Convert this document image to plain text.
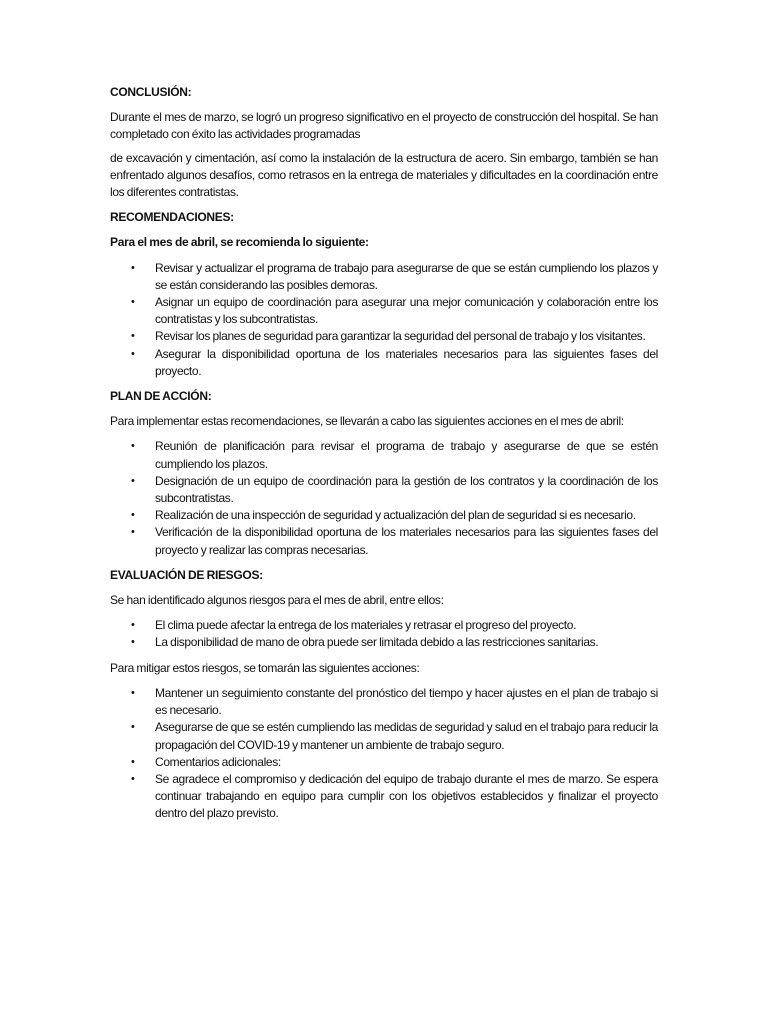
CONCLUSIÓN:
Durante el mes de marzo, se logró un progreso significativo en el proyecto de construcción del hospital. Se han completado con éxito las actividades programadas
de excavación y cimentación, así como la instalación de la estructura de acero. Sin embargo, también se han enfrentado algunos desafíos, como retrasos en la entrega de materiales y dificultades en la coordinación entre los diferentes contratistas.
RECOMENDACIONES:
Para el mes de abril, se recomienda lo siguiente:
• Revisar y actualizar el programa de trabajo para asegurarse de que se están cumpliendo los plazos y se están considerando las posibles demoras.
• Asignar un equipo de coordinación para asegurar una mejor comunicación y colaboración entre los contratistas y los subcontratistas.
• Revisar los planes de seguridad para garantizar la seguridad del personal de trabajo y los visitantes.
• Asegurar la disponibilidad oportuna de los materiales necesarios para las siguientes fases del proyecto.
PLAN DE ACCIÓN:
Para implementar estas recomendaciones, se llevarán a cabo las siguientes acciones en el mes de abril:
• Reunión de planificación para revisar el programa de trabajo y asegurarse de que se estén cumpliendo los plazos.
• Designación de un equipo de coordinación para la gestión de los contratos y la coordinación de los subcontratistas.
• Realización de una inspección de seguridad y actualización del plan de seguridad si es necesario.
• Verificación de la disponibilidad oportuna de los materiales necesarios para las siguientes fases del proyecto y realizar las compras necesarias.
EVALUACIÓN DE RIESGOS:
Se han identificado algunos riesgos para el mes de abril, entre ellos:
• El clima puede afectar la entrega de los materiales y retrasar el progreso del proyecto.
• La disponibilidad de mano de obra puede ser limitada debido a las restricciones sanitarias.
Para mitigar estos riesgos, se tomarán las siguientes acciones:
• Mantener un seguimiento constante del pronóstico del tiempo y hacer ajustes en el plan de trabajo si es necesario.
• Asegurarse de que se estén cumpliendo las medidas de seguridad y salud en el trabajo para reducir la propagación del COVID-19 y mantener un ambiente de trabajo seguro.
• Comentarios adicionales:
• Se agradece el compromiso y dedicación del equipo de trabajo durante el mes de marzo. Se espera continuar trabajando en equipo para cumplir con los objetivos establecidos y finalizar el proyecto dentro del plazo previsto.
